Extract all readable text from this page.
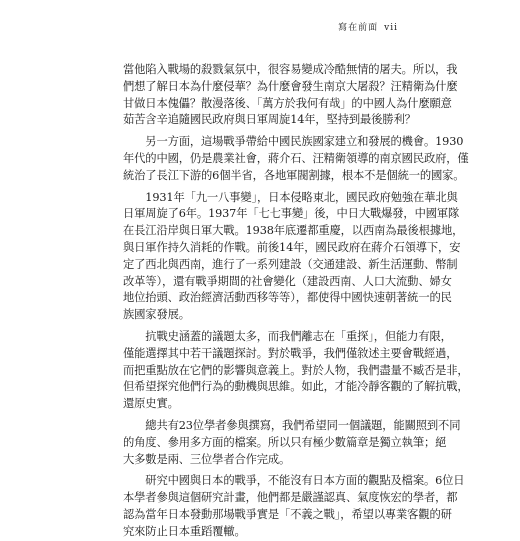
寫在前面 vii
當他陷入戰場的殺戮氣氛中，很容易變成冷酷無情的屠夫。所以，我
們想了解日本為什麼侵華？為什麼會發生南京大屠殺？汪精衛為什麼
甘做日本傀儡？散漫落後、「萬方於我何有哉」的中國人為什麼願意
茹苦含辛追隨國民政府與日軍周旋14年，堅持到最後勝利？
　　另一方面，這場戰爭帶給中國民族國家建立和發展的機會。1930
年代的中國，仍是農業社會，蔣介石、汪精衛領導的南京國民政府，僅
統治了長江下游的6個半省，各地軍閥割據，根本不是個統一的國家。
　　1931年「九一八事變」，日本侵略東北，國民政府勉強在華北與
日軍周旋了6年。1937年「七七事變」後，中日大戰爆發，中國軍隊
在長江沿岸與日軍大戰。1938年底遷都重慶，以西南為最後根據地，
與日軍作持久消耗的作戰。前後14年，國民政府在蔣介石領導下，安
定了西北與西南，進行了一系列建設（交通建設、新生活運動、幣制
改革等），還有戰爭期間的社會變化（建設西南、人口大流動、婦女
地位抬頭、政治經濟活動西移等等），都使得中國快速朝著統一的民
族國家發展。
　　抗戰史涵蓋的議題太多，而我們離志在「重探」，但能力有限，
僅能選擇其中若干議題探討。對於戰爭，我們僅敘述主要會戰經過，
而把重點放在它們的影響與意義上。對於人物，我們盡量不臧否是非，
但希望探究他們行為的動機與思維。如此，才能冷靜客觀的了解抗戰，
還原史實。
　　總共有23位學者參與撰寫，我們希望同一個議題，能關照到不同
的角度、參用多方面的檔案。所以只有極少數篇章是獨立執筆；絕
大多數是兩、三位學者合作完成。
　　研究中國與日本的戰爭，不能沒有日本方面的觀點及檔案。6位日
本學者參與這個研究計畫，他們都是嚴謹認真、氣度恢宏的學者，都
認為當年日本發動那場戰爭實是「不義之戰」，希望以專業客觀的研
究來防止日本重蹈覆轍。
